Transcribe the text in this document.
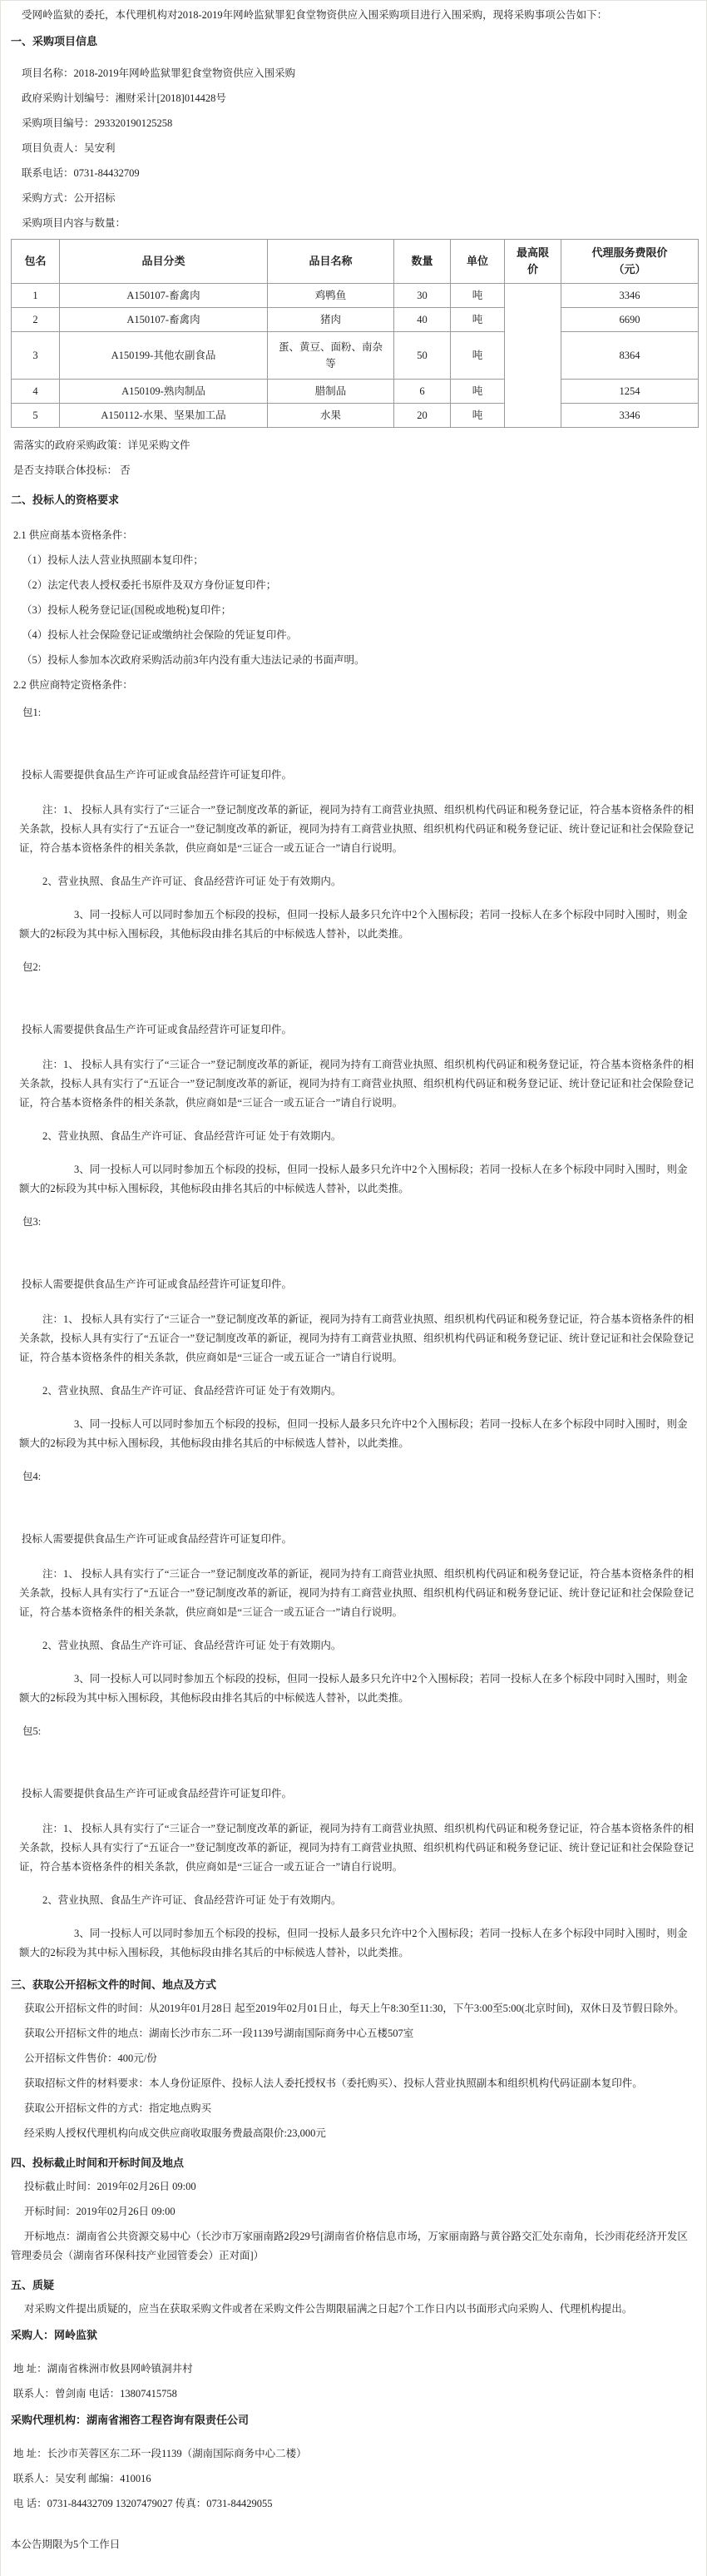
受网岭监狱的委托，本代理机构对2018-2019年网岭监狱罪犯食堂物资供应入围采购项目进行入围采购，现将采购事项公告如下：

一、采购项目信息

项目名称：2018-2019年网岭监狱罪犯食堂物资供应入围采购

政府采购计划编号：湘财采计[2018]014428号

采购项目编号：293320190125258

项目负责人：吴安利

联系电话：0731-84432709

采购方式：公开招标

采购项目内容与数量：

包名	品目分类	品目名称	数量	单位	最高限价	代理服务费限价（元）
1	A150107-畜禽肉	鸡鸭鱼	30	吨		3346
2	A150107-畜禽肉	猪肉	40	吨		6690
3	A150199-其他农副食品	蛋、黄豆、面粉、南杂等	50	吨		8364
4	A150109-熟肉制品	腊制品	6	吨		1254
5	A150112-水果、坚果加工品	水果	20	吨		3346

需落实的政府采购政策：详见采购文件

是否支持联合体投标： 否

二、投标人的资格要求

2.1 供应商基本资格条件：

（1）投标人法人营业执照副本复印件；

（2）法定代表人授权委托书原件及双方身份证复印件；

（3）投标人税务登记证(国税或地税)复印件；

（4）投标人社会保险登记证或缴纳社会保险的凭证复印件。

（5）投标人参加本次政府采购活动前3年内没有重大违法记录的书面声明。

2.2 供应商特定资格条件：

包1:

投标人需要提供食品生产许可证或食品经营许可证复印件。

注：1、 投标人具有实行了“三证合一”登记制度改革的新证，视同为持有工商营业执照、组织机构代码证和税务登记证，符合基本资格条件的相关条款，投标人具有实行了“五证合一”登记制度改革的新证，视同为持有工商营业执照、组织机构代码证和税务登记证、统计登记证和社会保险登记证，符合基本资格条件的相关条款，供应商如是“三证合一或五证合一”请自行说明。

2、营业执照、食品生产许可证、食品经营许可证 处于有效期内。

3、同一投标人可以同时参加五个标段的投标，但同一投标人最多只允许中2个入围标段；若同一投标人在多个标段中同时入围时，则金额大的2标段为其中标入围标段，其他标段由排名其后的中标候选人替补，以此类推。

包2:

投标人需要提供食品生产许可证或食品经营许可证复印件。

注：1、 投标人具有实行了“三证合一”登记制度改革的新证，视同为持有工商营业执照、组织机构代码证和税务登记证，符合基本资格条件的相关条款，投标人具有实行了“五证合一”登记制度改革的新证，视同为持有工商营业执照、组织机构代码证和税务登记证、统计登记证和社会保险登记证，符合基本资格条件的相关条款，供应商如是“三证合一或五证合一”请自行说明。

2、营业执照、食品生产许可证、食品经营许可证 处于有效期内。

3、同一投标人可以同时参加五个标段的投标，但同一投标人最多只允许中2个入围标段；若同一投标人在多个标段中同时入围时，则金额大的2标段为其中标入围标段，其他标段由排名其后的中标候选人替补，以此类推。

包3:

投标人需要提供食品生产许可证或食品经营许可证复印件。

注：1、 投标人具有实行了“三证合一”登记制度改革的新证，视同为持有工商营业执照、组织机构代码证和税务登记证，符合基本资格条件的相关条款，投标人具有实行了“五证合一”登记制度改革的新证，视同为持有工商营业执照、组织机构代码证和税务登记证、统计登记证和社会保险登记证，符合基本资格条件的相关条款，供应商如是“三证合一或五证合一”请自行说明。

2、营业执照、食品生产许可证、食品经营许可证 处于有效期内。

3、同一投标人可以同时参加五个标段的投标，但同一投标人最多只允许中2个入围标段；若同一投标人在多个标段中同时入围时，则金额大的2标段为其中标入围标段，其他标段由排名其后的中标候选人替补，以此类推。

包4:

投标人需要提供食品生产许可证或食品经营许可证复印件。

注：1、 投标人具有实行了“三证合一”登记制度改革的新证，视同为持有工商营业执照、组织机构代码证和税务登记证，符合基本资格条件的相关条款，投标人具有实行了“五证合一”登记制度改革的新证，视同为持有工商营业执照、组织机构代码证和税务登记证、统计登记证和社会保险登记证，符合基本资格条件的相关条款，供应商如是“三证合一或五证合一”请自行说明。

2、营业执照、食品生产许可证、食品经营许可证 处于有效期内。

3、同一投标人可以同时参加五个标段的投标，但同一投标人最多只允许中2个入围标段；若同一投标人在多个标段中同时入围时，则金额大的2标段为其中标入围标段，其他标段由排名其后的中标候选人替补，以此类推。

包5:

投标人需要提供食品生产许可证或食品经营许可证复印件。

注：1、 投标人具有实行了“三证合一”登记制度改革的新证，视同为持有工商营业执照、组织机构代码证和税务登记证，符合基本资格条件的相关条款，投标人具有实行了“五证合一”登记制度改革的新证，视同为持有工商营业执照、组织机构代码证和税务登记证、统计登记证和社会保险登记证，符合基本资格条件的相关条款，供应商如是“三证合一或五证合一”请自行说明。

2、营业执照、食品生产许可证、食品经营许可证 处于有效期内。

3、同一投标人可以同时参加五个标段的投标，但同一投标人最多只允许中2个入围标段；若同一投标人在多个标段中同时入围时，则金额大的2标段为其中标入围标段，其他标段由排名其后的中标候选人替补，以此类推。

三、获取公开招标文件的时间、地点及方式

获取公开招标文件的时间：从2019年01月28日 起至2019年02月01日止，每天上午8:30至11:30，下午3:00至5:00(北京时间)，双休日及节假日除外。

获取公开招标文件的地点：湖南长沙市东二环一段1139号湖南国际商务中心五楼507室

公开招标文件售价：400元/份

获取招标文件的材料要求：本人身份证原件、投标人法人委托授权书（委托购买）、投标人营业执照副本和组织机构代码证副本复印件。

获取公开招标文件的方式：指定地点购买

经采购人授权代理机构向成交供应商收取服务费最高限价:23,000元

四、投标截止时间和开标时间及地点

投标截止时间：2019年02月26日 09:00

开标时间：2019年02月26日 09:00

开标地点：湖南省公共资源交易中心（长沙市万家丽南路2段29号[湖南省价格信息市场，万家丽南路与黄谷路交汇处东南角，长沙雨花经济开发区管理委员会（湖南省环保科技产业园管委会）正对面]）

五、质疑

对采购文件提出质疑的，应当在获取采购文件或者在采购文件公告期限届满之日起7个工作日内以书面形式向采购人、代理机构提出。

采购人：网岭监狱

地 址：湖南省株洲市攸县网岭镇洞井村

联系人：曾剑南 电话：13807415758

采购代理机构：湖南省湘咨工程咨询有限责任公司

地 址：长沙市芙蓉区东二环一段1139（湖南国际商务中心二楼）

联系人：吴安利 邮编：410016

电 话：0731-84432709 13207479027 传真：0731-84429055

本公告期限为5个工作日
